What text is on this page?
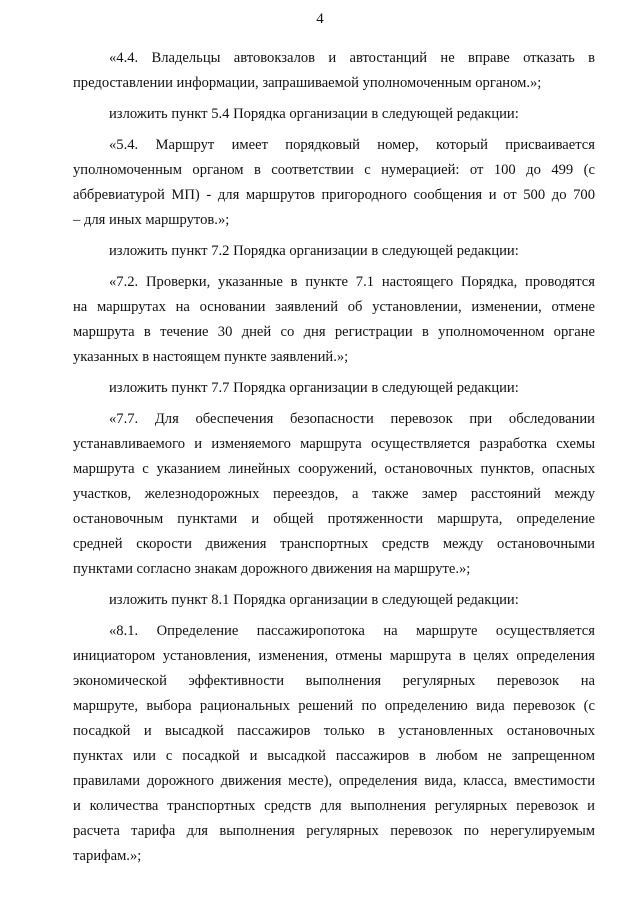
4
«4.4. Владельцы автовокзалов и автостанций не вправе отказать в
предоставлении информации, запрашиваемой уполномоченным органом.»;
изложить пункт 5.4 Порядка организации в следующей редакции:
«5.4. Маршрут имеет порядковый номер, который присваивается
уполномоченным органом в соответствии с нумерацией: от 100 до 499 (с
аббревиатурой МП) - для маршрутов пригородного сообщения и от 500 до 700
– для иных маршрутов.»;
изложить пункт 7.2 Порядка организации в следующей редакции:
«7.2. Проверки, указанные в пункте 7.1 настоящего Порядка, проводятся
на маршрутах на основании заявлений об установлении, изменении, отмене
маршрута в течение 30 дней со дня регистрации в уполномоченном органе
указанных в настоящем пункте заявлений.»;
изложить пункт 7.7 Порядка организации в следующей редакции:
«7.7. Для обеспечения безопасности перевозок при обследовании
устанавливаемого и изменяемого маршрута осуществляется разработка схемы
маршрута с указанием линейных сооружений, остановочных пунктов, опасных
участков, железнодорожных переездов, а также замер расстояний между
остановочным пунктами и общей протяженности маршрута, определение
средней скорости движения транспортных средств между остановочными
пунктами согласно знакам дорожного движения на маршруте.»;
изложить пункт 8.1 Порядка организации в следующей редакции:
«8.1. Определение пассажиропотока на маршруте осуществляется
инициатором установления, изменения, отмены маршрута в целях определения
экономической эффективности выполнения регулярных перевозок на
маршруте, выбора рациональных решений по определению вида перевозок (с
посадкой и высадкой пассажиров только в установленных остановочных
пунктах или с посадкой и высадкой пассажиров в любом не запрещенном
правилами дорожного движения месте), определения вида, класса, вместимости
и количества транспортных средств для выполнения регулярных перевозок и
расчета тарифа для выполнения регулярных перевозок по нерегулируемым
тарифам.»;
